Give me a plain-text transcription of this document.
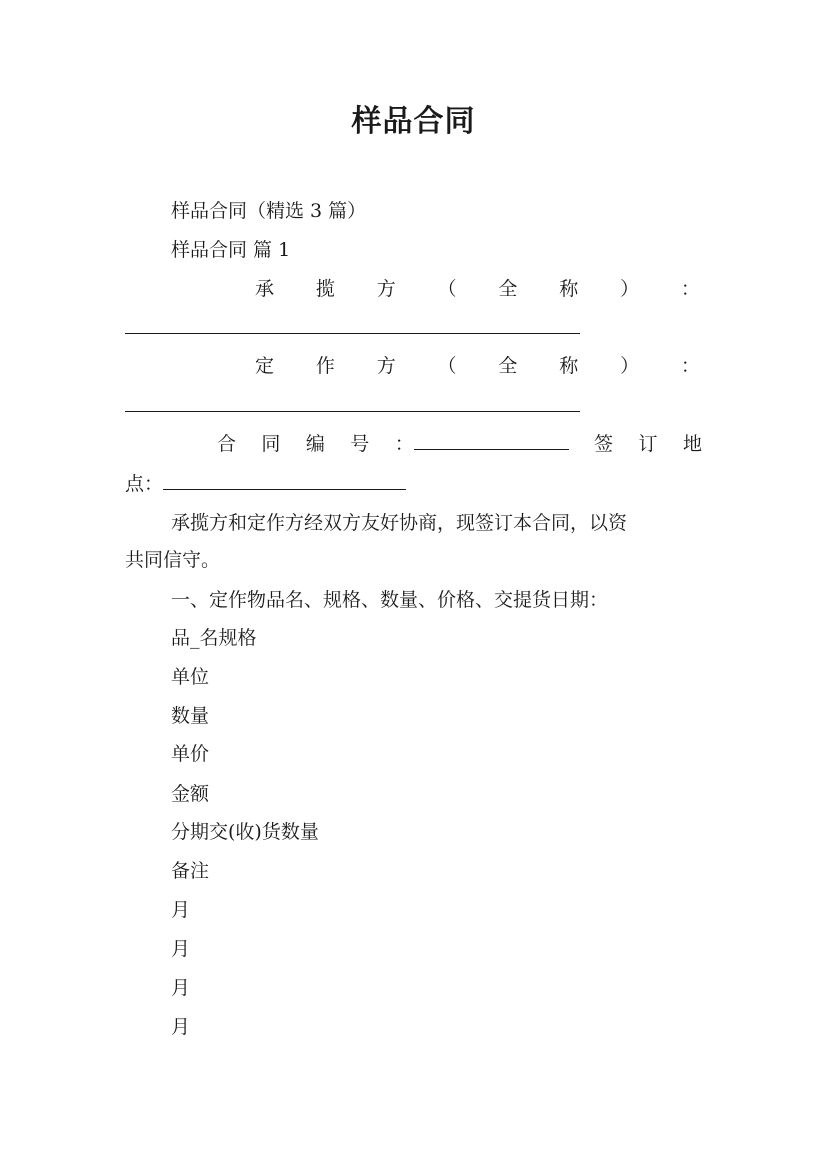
样品合同
样品合同（精选 3 篇）
样品合同 篇 1
承 揽 方 （ 全 称 ） ：
定 作 方 （ 全 称 ） ：
合 同 编 号 ：	签 订 地
点：
承揽方和定作方经双方友好协商，现签订本合同，以资
共同信守。
一、定作物品名、规格、数量、价格、交提货日期：
品_名规格
单位
数量
单价
金额
分期交(收)货数量
备注
月
月
月
月
